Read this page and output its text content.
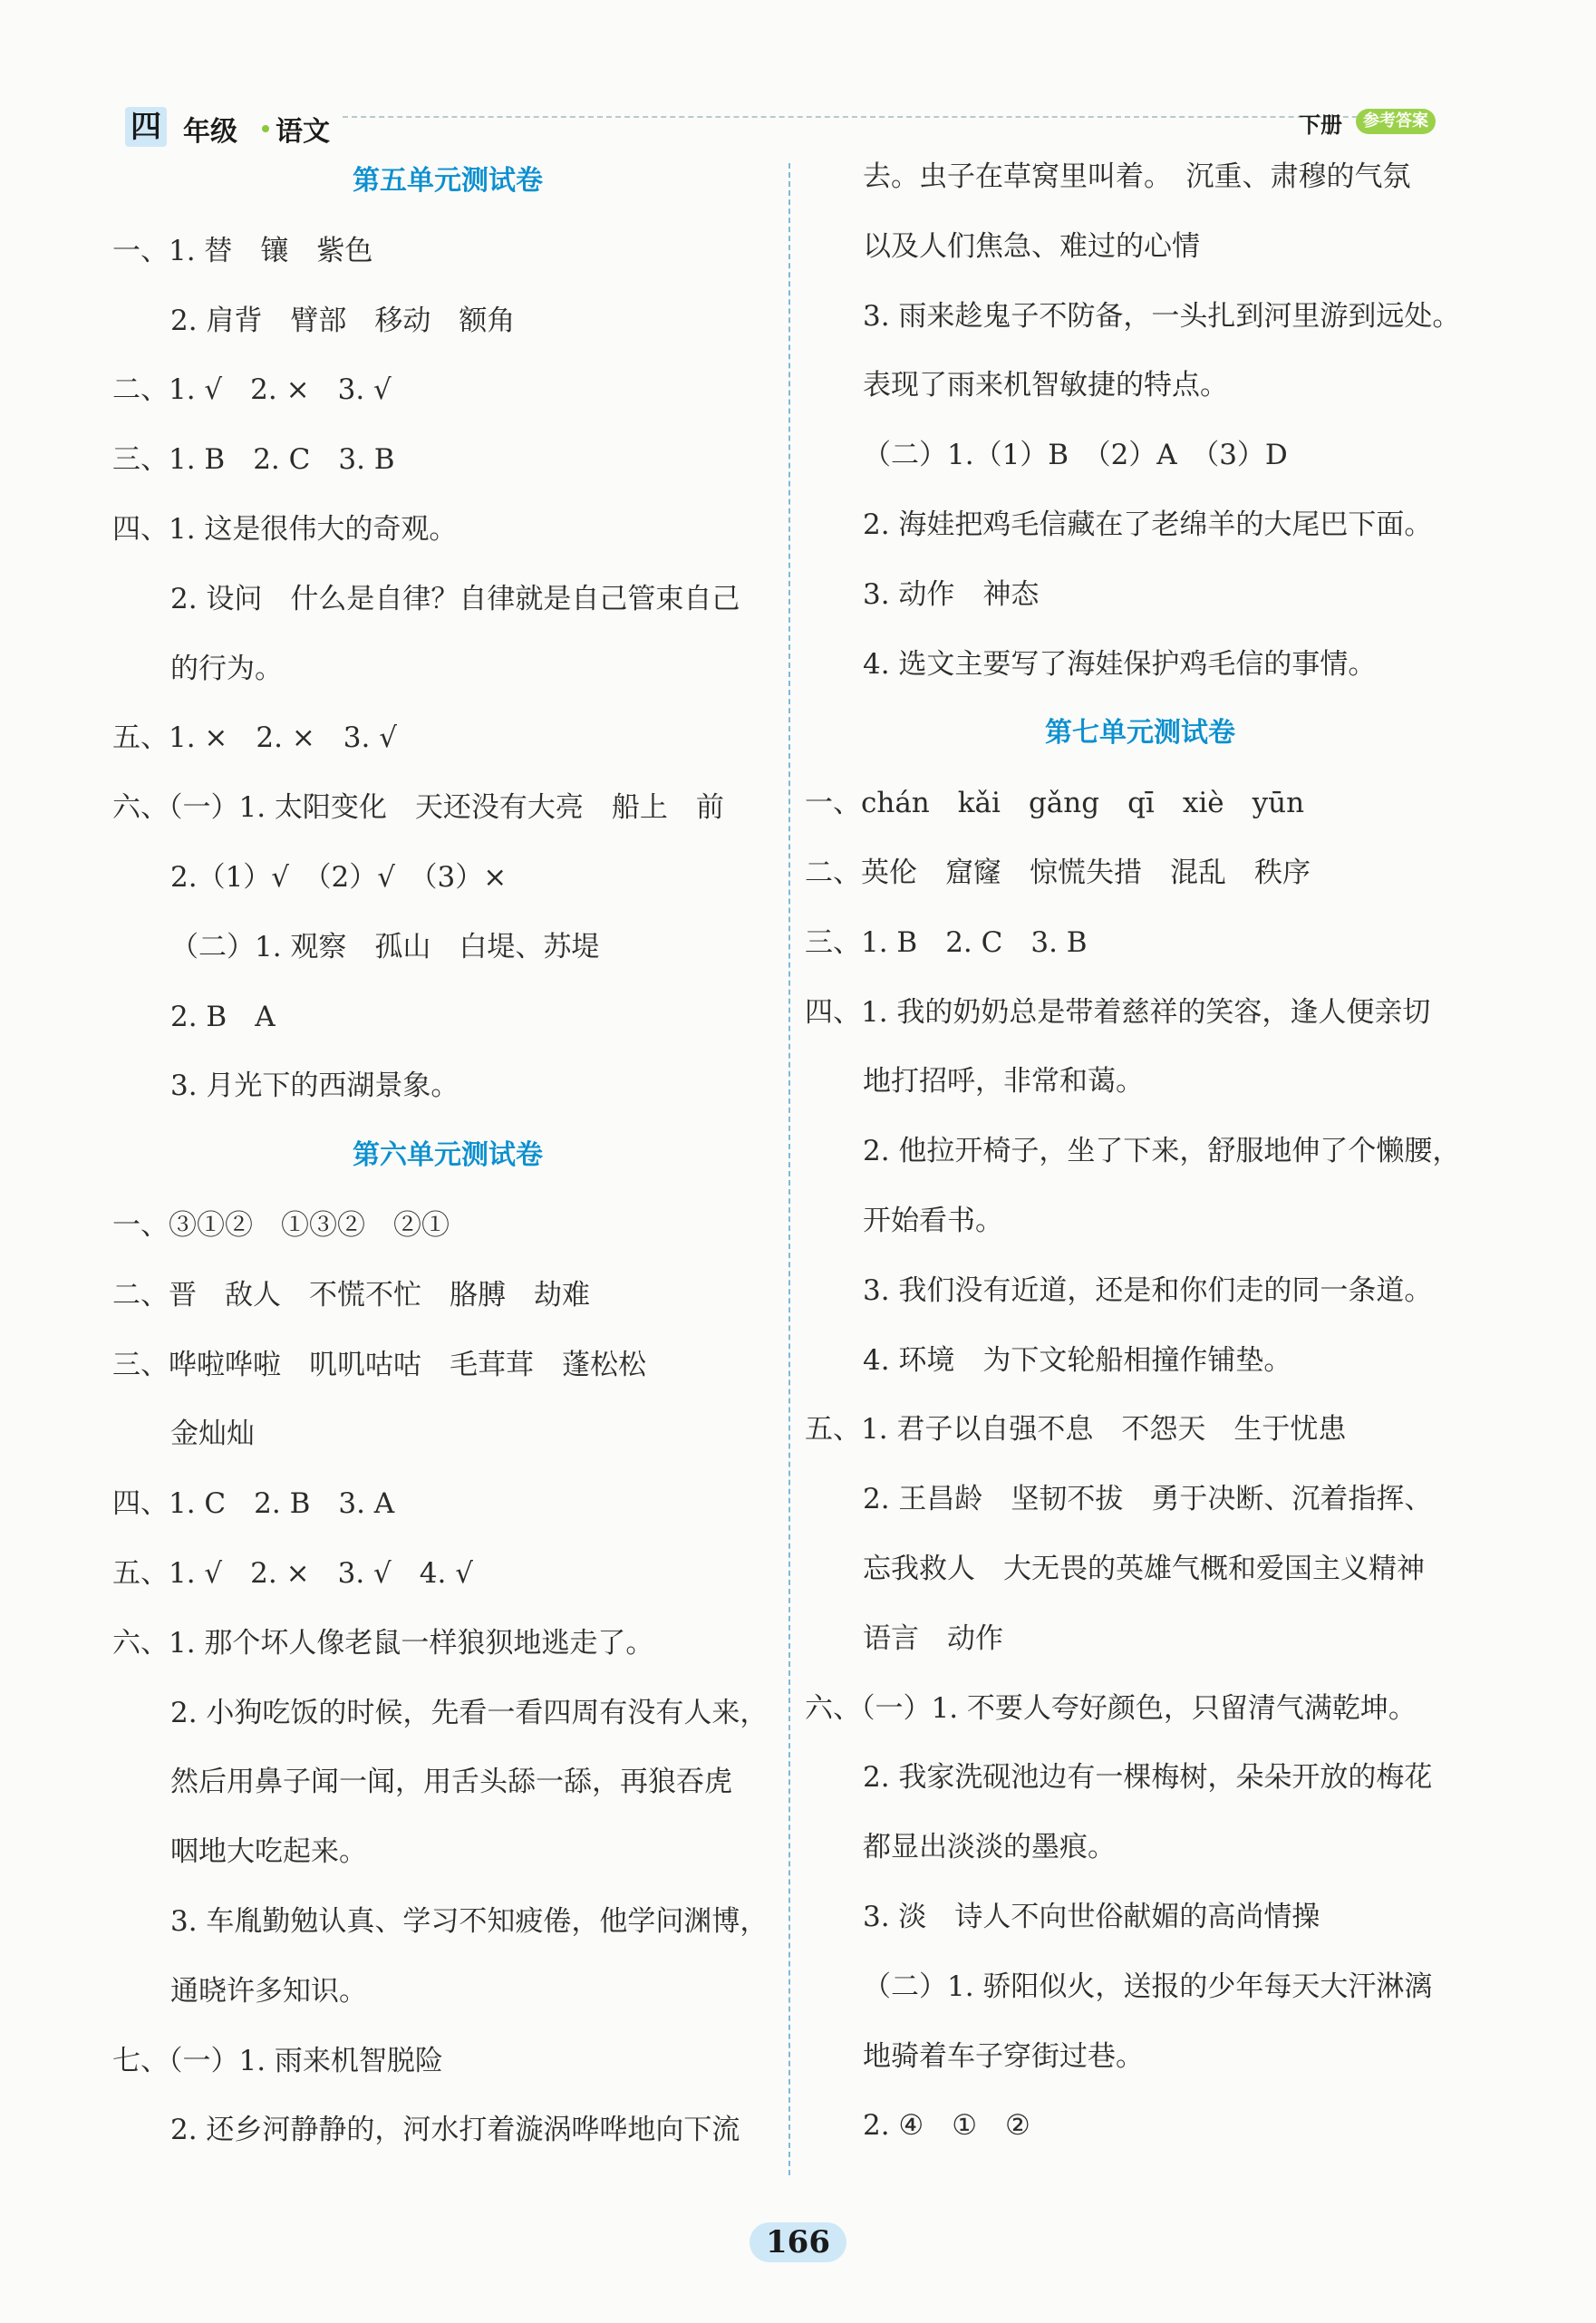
四 年级 语文	下册	参考答案
第五单元测试卷
一、1. 替　镶　紫色
2. 肩背　臂部　移动　额角
二、1. √　2. ×　3. √
三、1. B　2. C　3. B
四、1. 这是很伟大的奇观。
2. 设问　什么是自律？自律就是自己管束自己
的行为。
五、1. ×　2. ×　3. √
六、（一）1. 太阳变化　天还没有大亮　船上　前
2.（1）√　（2）√　（3）×
（二）1. 观察　孤山　白堤、苏堤
2. B　A
3. 月光下的西湖景象。
第六单元测试卷
一、③①②　①③②　②①
二、晋　敌人　不慌不忙　胳膊　劫难
三、哗啦哗啦　叽叽咕咕　毛茸茸　蓬松松
金灿灿
四、1. C　2. B　3. A
五、1. √　2. ×　3. √　4. √
六、1. 那个坏人像老鼠一样狼狈地逃走了。
2. 小狗吃饭的时候，先看一看四周有没有人来，
然后用鼻子闻一闻，用舌头舔一舔，再狼吞虎
咽地大吃起来。
3. 车胤勤勉认真、学习不知疲倦，他学问渊博，
通晓许多知识。
七、（一）1. 雨来机智脱险
2. 还乡河静静的，河水打着漩涡哗哗地向下流
去。虫子在草窝里叫着。　沉重、肃穆的气氛
以及人们焦急、难过的心情
3. 雨来趁鬼子不防备，一头扎到河里游到远处。
表现了雨来机智敏捷的特点。
（二）1.（1）B　（2）A　（3）D
2. 海娃把鸡毛信藏在了老绵羊的大尾巴下面。
3. 动作　神态
4. 选文主要写了海娃保护鸡毛信的事情。
第七单元测试卷
一、chán　kǎi　gǎng　qī　xiè　yūn
二、英伦　窟窿　惊慌失措　混乱　秩序
三、1. B　2. C　3. B
四、1. 我的奶奶总是带着慈祥的笑容，逢人便亲切
地打招呼，非常和蔼。
2. 他拉开椅子，坐了下来，舒服地伸了个懒腰，
开始看书。
3. 我们没有近道，还是和你们走的同一条道。
4. 环境　为下文轮船相撞作铺垫。
五、1. 君子以自强不息　不怨天　生于忧患
2. 王昌龄　坚韧不拔　勇于决断、沉着指挥、
忘我救人　大无畏的英雄气概和爱国主义精神
语言　动作
六、（一）1. 不要人夸好颜色，只留清气满乾坤。
2. 我家洗砚池边有一棵梅树，朵朵开放的梅花
都显出淡淡的墨痕。
3. 淡　诗人不向世俗献媚的高尚情操
（二）1. 骄阳似火，送报的少年每天大汗淋漓
地骑着车子穿街过巷。
2. ④　①　②
166
